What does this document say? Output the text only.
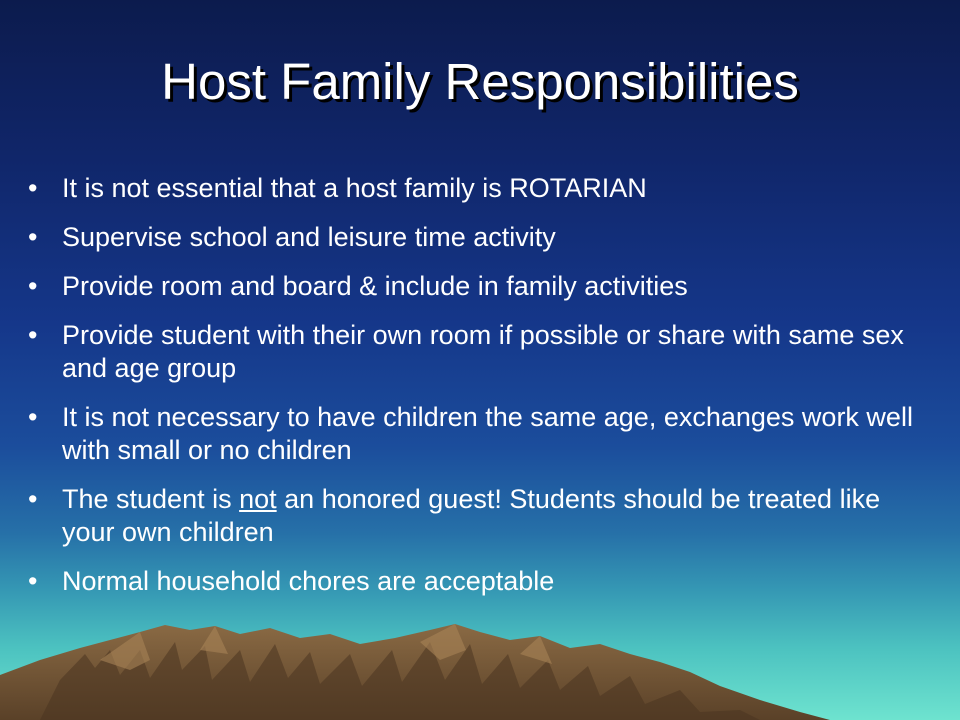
Host Family Responsibilities
• It is not essential that a host family is ROTARIAN
• Supervise school and leisure time activity
• Provide room and board & include in family activities
• Provide student with their own room if possible or share with same sex and age group
• It is not necessary to have children the same age, exchanges work well with small or no children
• The student is not an honored guest! Students should be treated like your own children
• Normal household chores are acceptable
